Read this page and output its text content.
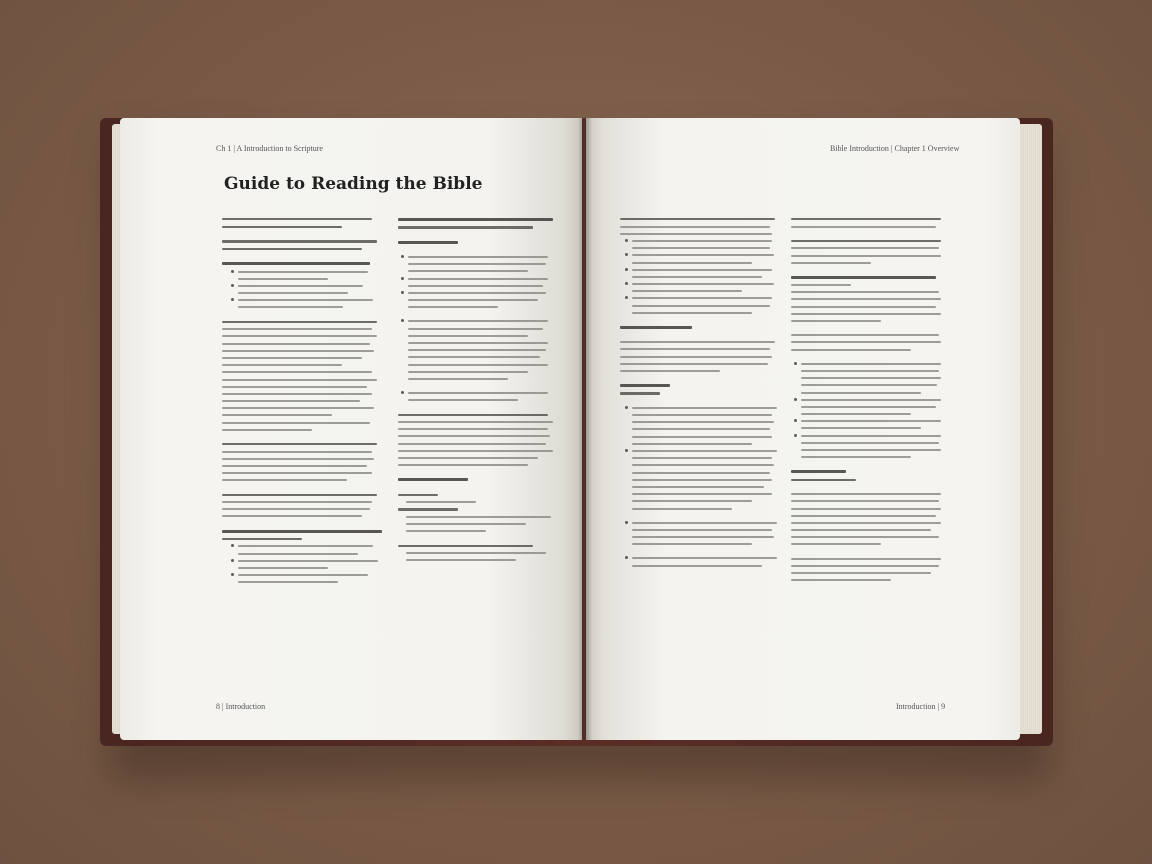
Ch 1 | A Introduction to Scripture
Guide to Reading the Bible
8 | Introduction
Bible Introduction | Chapter 1 Overview
Introduction | 9
